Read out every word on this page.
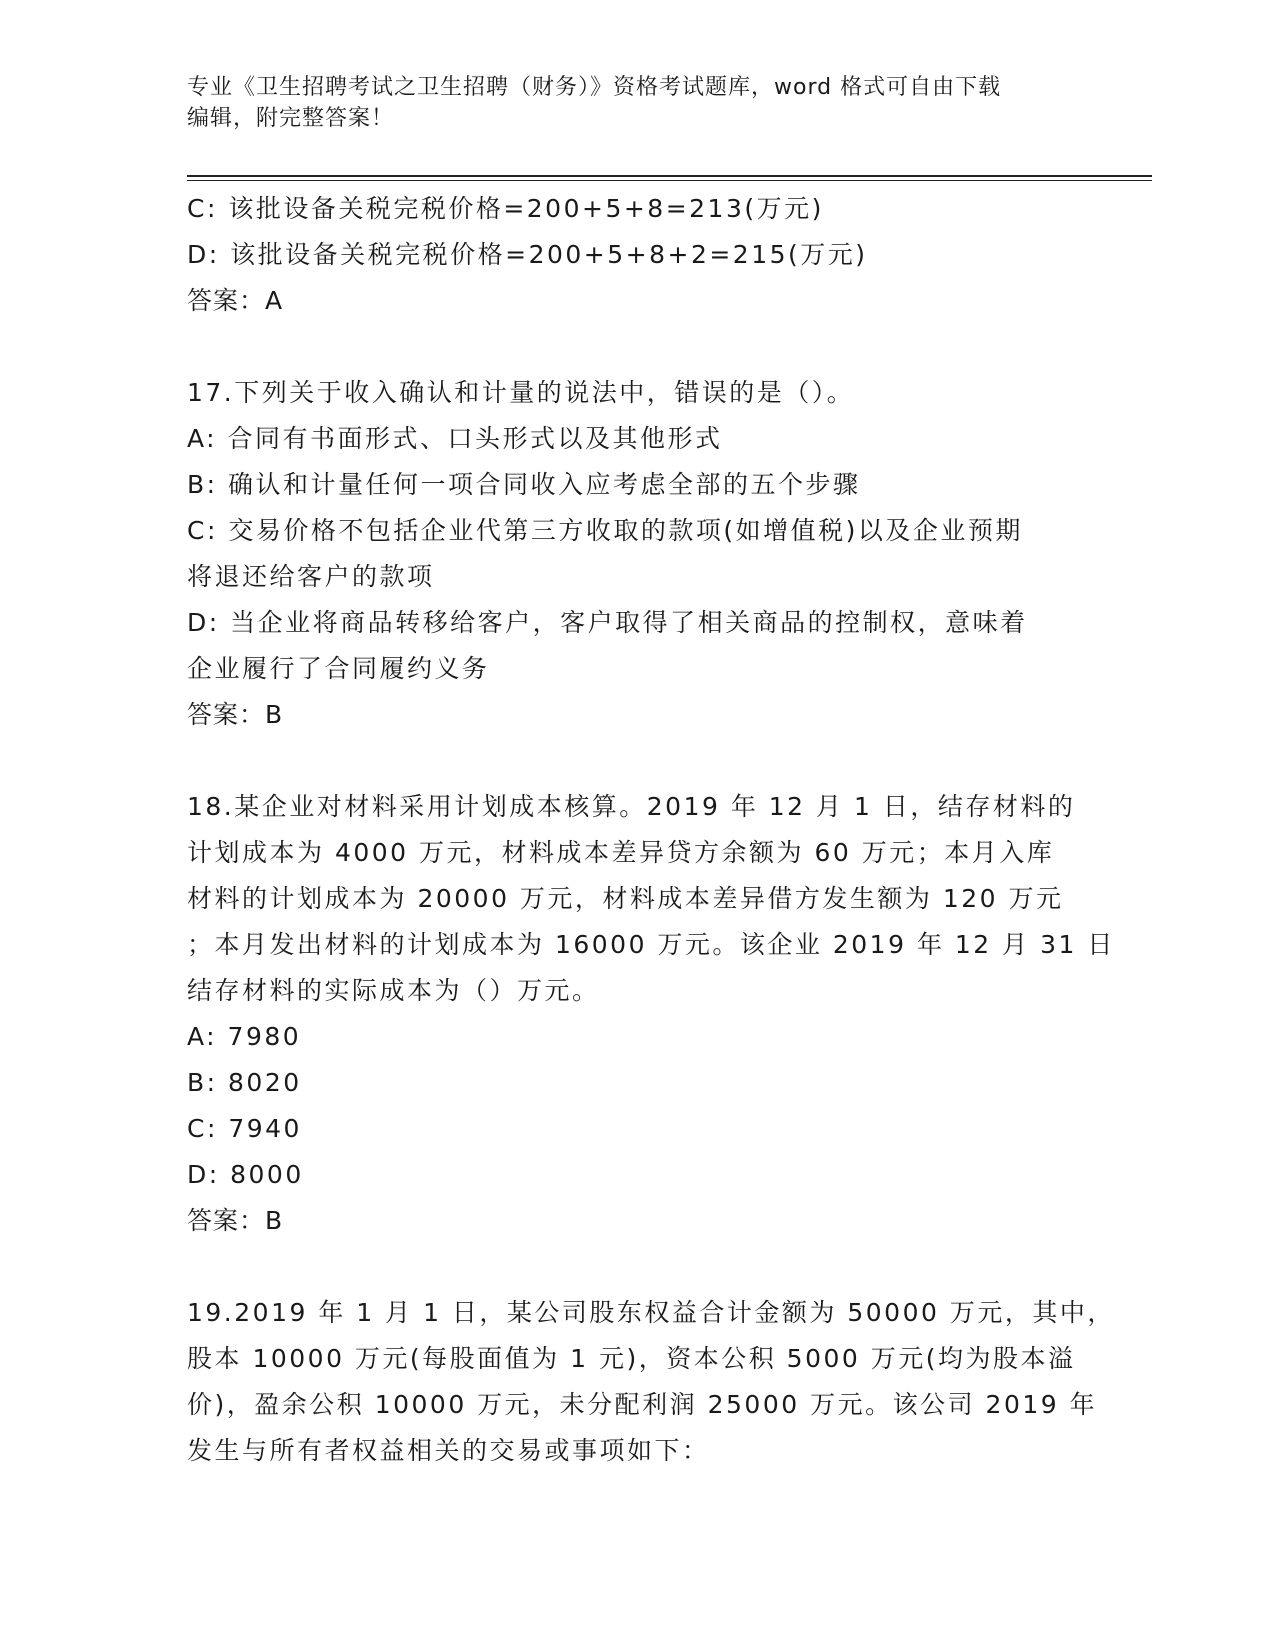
专业《卫生招聘考试之卫生招聘（财务）》资格考试题库，word 格式可自由下载
编辑，附完整答案！
C: 该批设备关税完税价格=200+5+8=213(万元)
D: 该批设备关税完税价格=200+5+8+2=215(万元)
答案：A
17.下列关于收入确认和计量的说法中，错误的是（）。
A: 合同有书面形式、口头形式以及其他形式
B: 确认和计量任何一项合同收入应考虑全部的五个步骤
C: 交易价格不包括企业代第三方收取的款项(如增值税)以及企业预期
将退还给客户的款项
D: 当企业将商品转移给客户，客户取得了相关商品的控制权，意味着
企业履行了合同履约义务
答案：B
18.某企业对材料采用计划成本核算。2019 年 12 月 1 日，结存材料的
计划成本为 4000 万元，材料成本差异贷方余额为 60 万元；本月入库
材料的计划成本为 20000 万元，材料成本差异借方发生额为 120 万元
；本月发出材料的计划成本为 16000 万元。该企业 2019 年 12 月 31 日
结存材料的实际成本为（）万元。
A: 7980
B: 8020
C: 7940
D: 8000
答案：B
19.2019 年 1 月 1 日，某公司股东权益合计金额为 50000 万元，其中，
股本 10000 万元(每股面值为 1 元)，资本公积 5000 万元(均为股本溢
价)，盈余公积 10000 万元，未分配利润 25000 万元。该公司 2019 年
发生与所有者权益相关的交易或事项如下：
